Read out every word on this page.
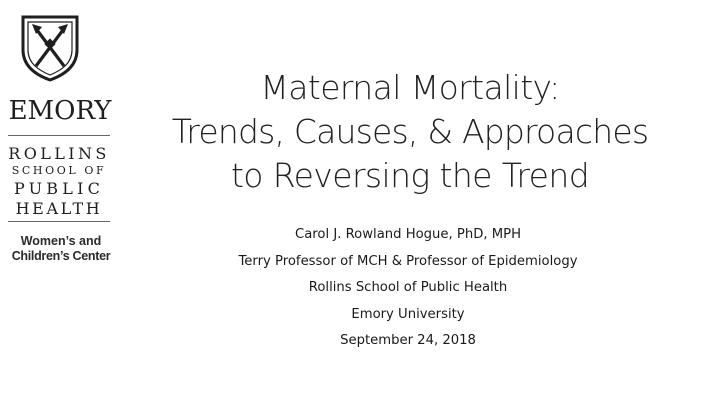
EMORY
ROLLINS
SCHOOL OF
PUBLIC
HEALTH
Women’s and
Children’s Center
Maternal Mortality:
Trends, Causes, & Approaches
to Reversing the Trend
Carol J. Rowland Hogue, PhD, MPH
Terry Professor of MCH & Professor of Epidemiology
Rollins School of Public Health
Emory University
September 24, 2018
